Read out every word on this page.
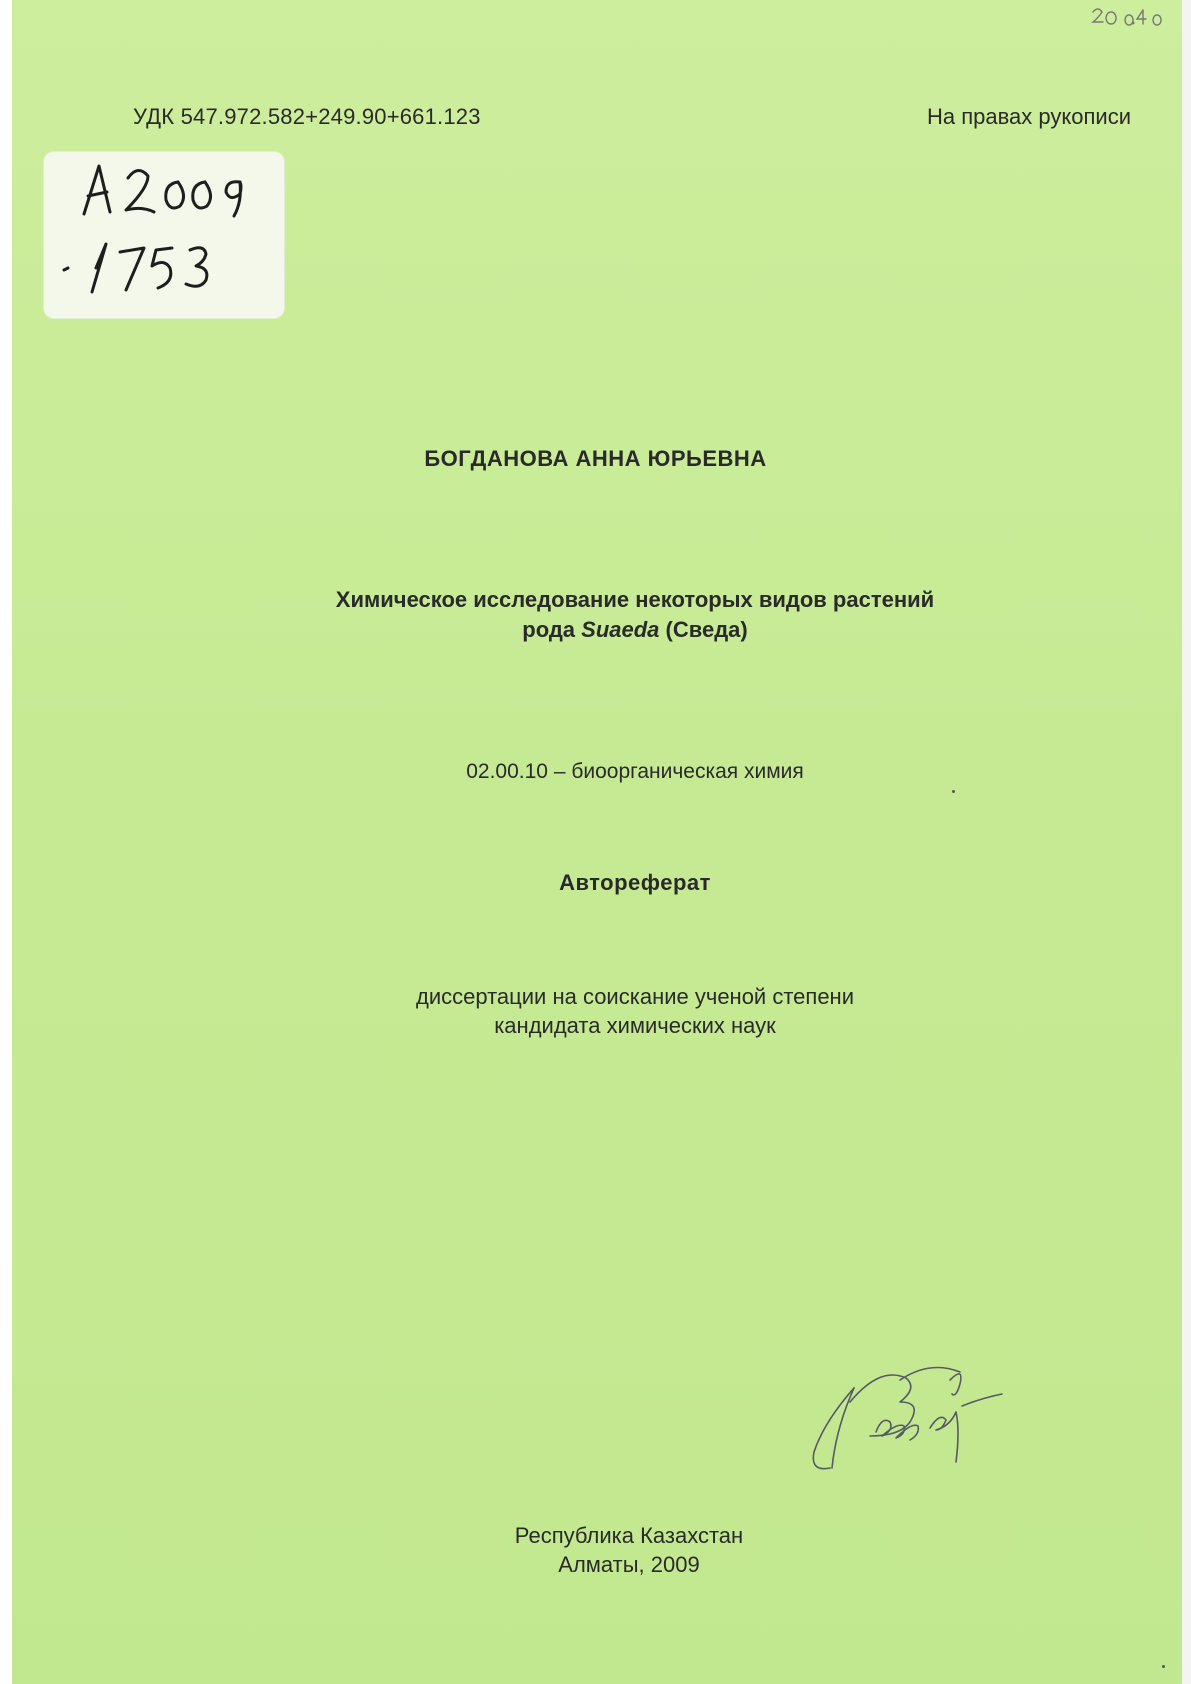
УДК 547.972.582+249.90+661.123	На правах рукописи

БОГДАНОВА АННА ЮРЬЕВНА

Химическое исследование некоторых видов растений

рода Suaeda (Сведа)

02.00.10 – биоорганическая химия

Автореферат

диссертации на соискание ученой степени

кандидата химических наук

Республика Казахстан

Алматы, 2009
